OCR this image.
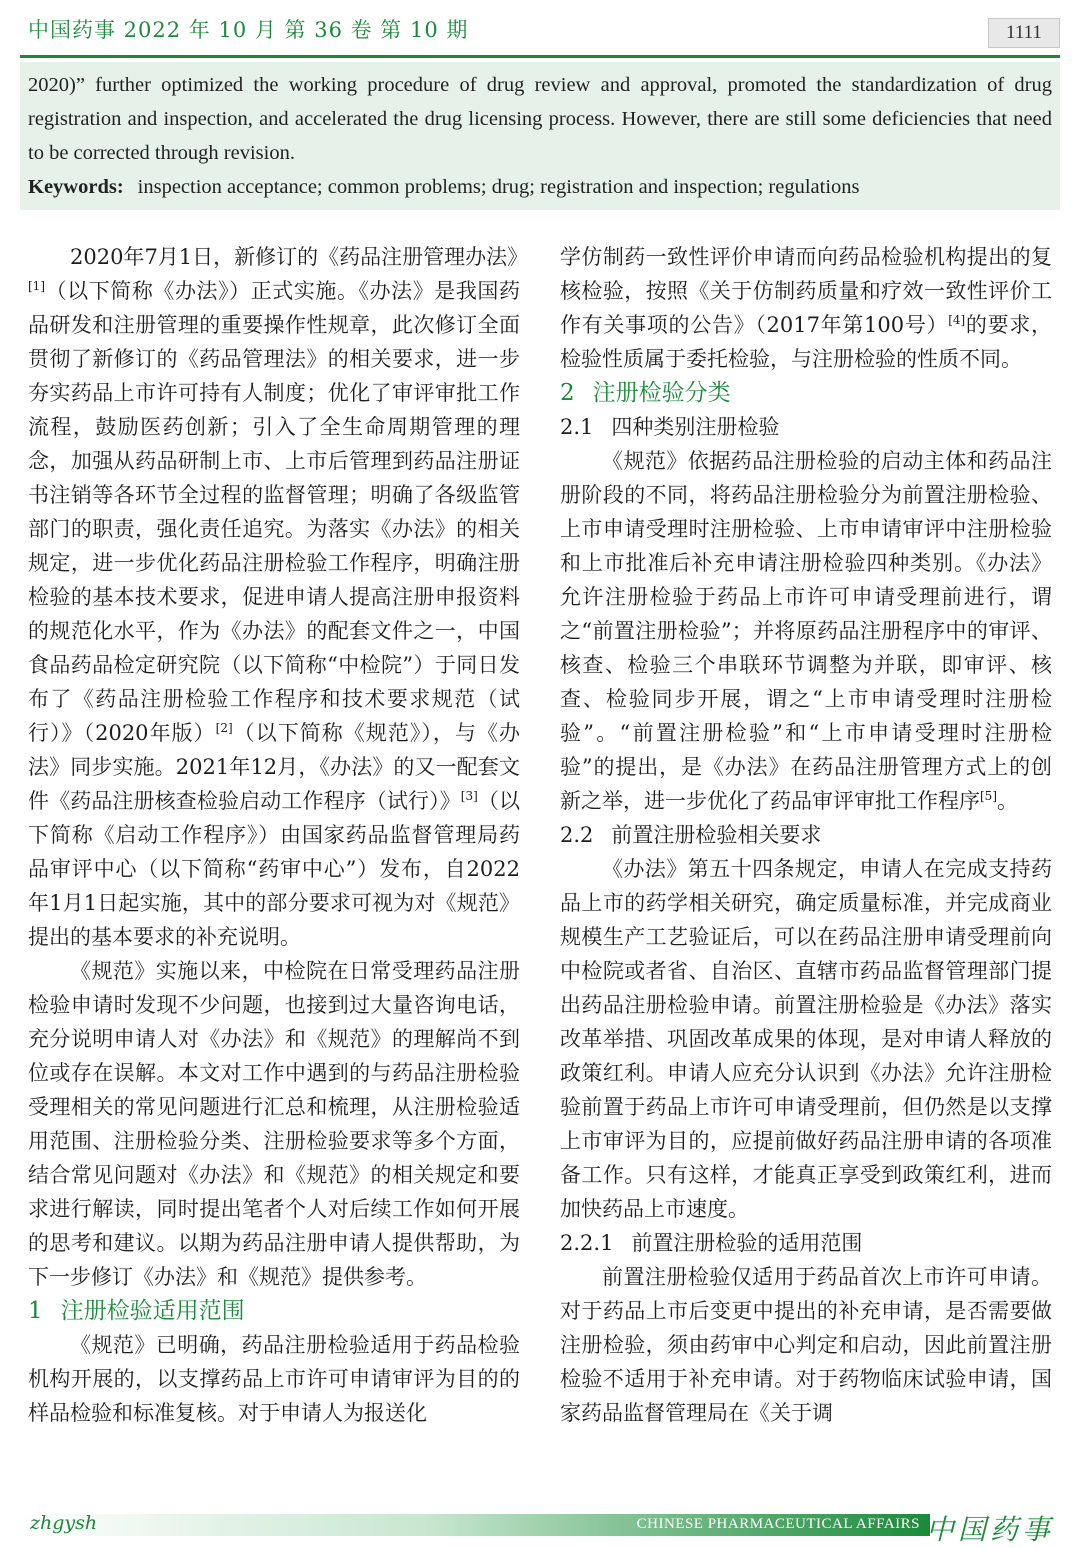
中国药事 2022 年 10 月 第 36 卷 第 10 期	1111

2020)” further optimized the working procedure of drug review and approval, promoted the standardization of drug registration and inspection, and accelerated the drug licensing process. However, there are still some deficiencies that need to be corrected through revision.

Keywords: inspection acceptance; common problems; drug; registration and inspection; regulations

2020年7月1日，新修订的《药品注册管理办法》[1]（以下简称《办法》）正式实施。《办法》是我国药品研发和注册管理的重要操作性规章，此次修订全面贯彻了新修订的《药品管理法》的相关要求，进一步夯实药品上市许可持有人制度；优化了审评审批工作流程，鼓励医药创新；引入了全生命周期管理的理念，加强从药品研制上市、上市后管理到药品注册证书注销等各环节全过程的监督管理；明确了各级监管部门的职责，强化责任追究。为落实《办法》的相关规定，进一步优化药品注册检验工作程序，明确注册检验的基本技术要求，促进申请人提高注册申报资料的规范化水平，作为《办法》的配套文件之一，中国食品药品检定研究院（以下简称“中检院”）于同日发布了《药品注册检验工作程序和技术要求规范（试行）》（2020年版）[2]（以下简称《规范》），与《办法》同步实施。2021年12月，《办法》的又一配套文件《药品注册核查检验启动工作程序（试行）》[3]（以下简称《启动工作程序》）由国家药品监督管理局药品审评中心（以下简称“药审中心”）发布，自2022年1月1日起实施，其中的部分要求可视为对《规范》提出的基本要求的补充说明。

《规范》实施以来，中检院在日常受理药品注册检验申请时发现不少问题，也接到过大量咨询电话，充分说明申请人对《办法》和《规范》的理解尚不到位或存在误解。本文对工作中遇到的与药品注册检验受理相关的常见问题进行汇总和梳理，从注册检验适用范围、注册检验分类、注册检验要求等多个方面，结合常见问题对《办法》和《规范》的相关规定和要求进行解读，同时提出笔者个人对后续工作如何开展的思考和建议。以期为药品注册申请人提供帮助，为下一步修订《办法》和《规范》提供参考。

1 注册检验适用范围

《规范》已明确，药品注册检验适用于药品检验机构开展的，以支撑药品上市许可申请审评为目的的样品检验和标准复核。对于申请人为报送化

学仿制药一致性评价申请而向药品检验机构提出的复核检验，按照《关于仿制药质量和疗效一致性评价工作有关事项的公告》（2017年第100号）[4]的要求，检验性质属于委托检验，与注册检验的性质不同。

2 注册检验分类

2.1 四种类别注册检验

《规范》依据药品注册检验的启动主体和药品注册阶段的不同，将药品注册检验分为前置注册检验、上市申请受理时注册检验、上市申请审评中注册检验和上市批准后补充申请注册检验四种类别。《办法》允许注册检验于药品上市许可申请受理前进行，谓之“前置注册检验”；并将原药品注册程序中的审评、核查、检验三个串联环节调整为并联，即审评、核查、检验同步开展，谓之“上市申请受理时注册检验”。“前置注册检验”和“上市申请受理时注册检验”的提出，是《办法》在药品注册管理方式上的创新之举，进一步优化了药品审评审批工作程序[5]。

2.2 前置注册检验相关要求

《办法》第五十四条规定，申请人在完成支持药品上市的药学相关研究，确定质量标准，并完成商业规模生产工艺验证后，可以在药品注册申请受理前向中检院或者省、自治区、直辖市药品监督管理部门提出药品注册检验申请。前置注册检验是《办法》落实改革举措、巩固改革成果的体现，是对申请人释放的政策红利。申请人应充分认识到《办法》允许注册检验前置于药品上市许可申请受理前，但仍然是以支撑上市审评为目的，应提前做好药品注册申请的各项准备工作。只有这样，才能真正享受到政策红利，进而加快药品上市速度。

2.2.1 前置注册检验的适用范围

前置注册检验仅适用于药品首次上市许可申请。对于药品上市后变更中提出的补充申请，是否需要做注册检验，须由药审中心判定和启动，因此前置注册检验不适用于补充申请。对于药物临床试验申请，国家药品监督管理局在《关于调

zhgysh	CHINESE PHARMACEUTICAL AFFAIRS 中国药事
